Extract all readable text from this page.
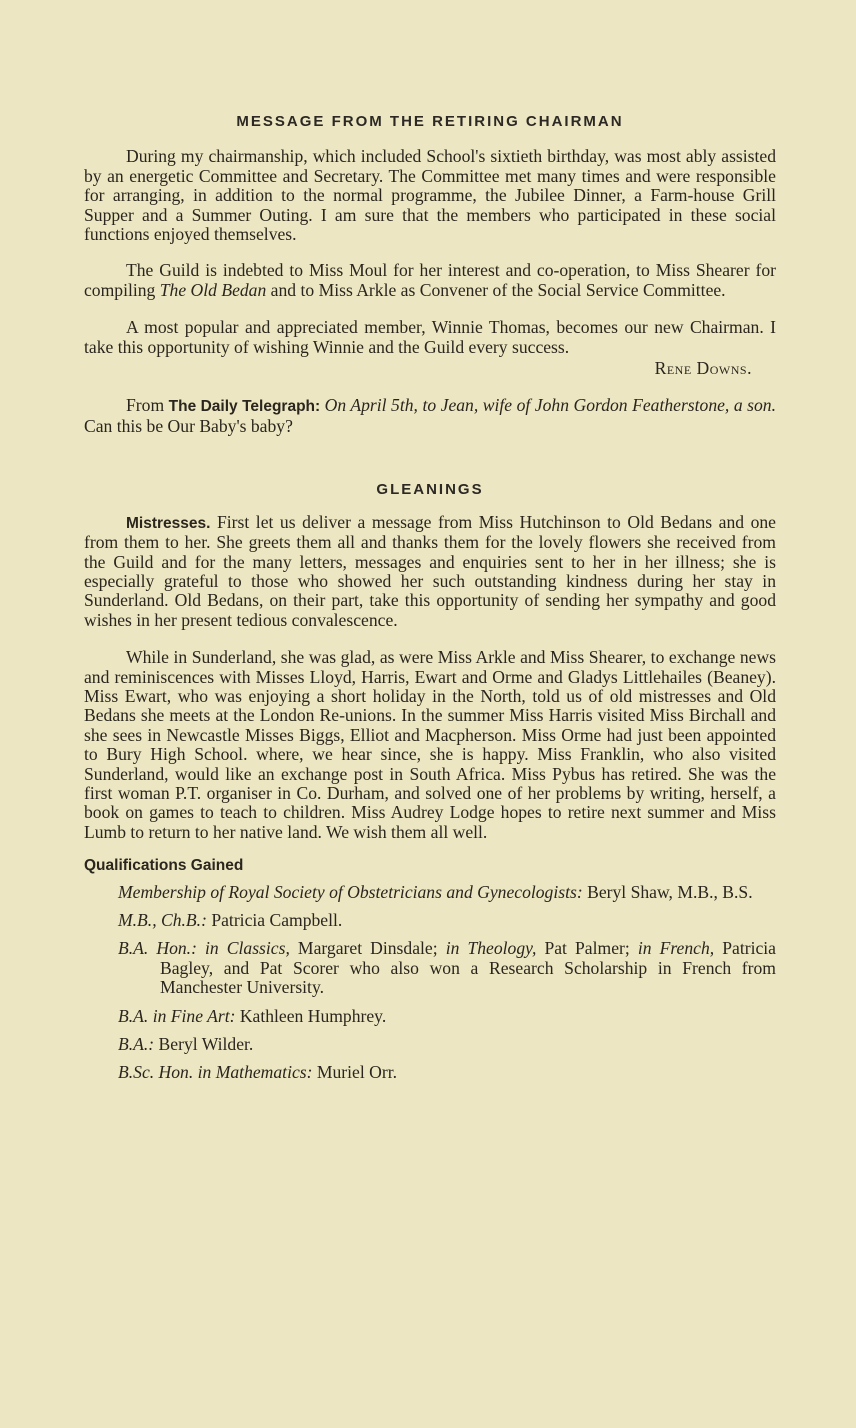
MESSAGE FROM THE RETIRING CHAIRMAN

During my chairmanship, which included School's sixtieth birthday, was most ably assisted by an energetic Committee and Secretary. The Committee met many times and were responsible for arranging, in addition to the normal programme, the Jubilee Dinner, a Farm-house Grill Supper and a Summer Outing. I am sure that the members who participated in these social functions enjoyed themselves.

The Guild is indebted to Miss Moul for her interest and co-operation, to Miss Shearer for compiling The Old Bedan and to Miss Arkle as Convener of the Social Service Committee.

A most popular and appreciated member, Winnie Thomas, becomes our new Chairman. I take this opportunity of wishing Winnie and the Guild every success.

Rene Downs.

From The Daily Telegraph: On April 5th, to Jean, wife of John Gordon Featherstone, a son. Can this be Our Baby's baby?

GLEANINGS

Mistresses. First let us deliver a message from Miss Hutchinson to Old Bedans and one from them to her. She greets them all and thanks them for the lovely flowers she received from the Guild and for the many letters, messages and enquiries sent to her in her illness; she is especially grateful to those who showed her such outstanding kindness during her stay in Sunderland. Old Bedans, on their part, take this opportunity of sending her sympathy and good wishes in her present tedious convalescence.

While in Sunderland, she was glad, as were Miss Arkle and Miss Shearer, to exchange news and reminiscences with Misses Lloyd, Harris, Ewart and Orme and Gladys Littlehailes (Beaney). Miss Ewart, who was enjoying a short holiday in the North, told us of old mistresses and Old Bedans she meets at the London Re-unions. In the summer Miss Harris visited Miss Birchall and she sees in Newcastle Misses Biggs, Elliot and Macpherson. Miss Orme had just been appointed to Bury High School. where, we hear since, she is happy. Miss Franklin, who also visited Sunderland, would like an exchange post in South Africa. Miss Pybus has retired. She was the first woman P.T. organiser in Co. Durham, and solved one of her problems by writing, herself, a book on games to teach to children. Miss Audrey Lodge hopes to retire next summer and Miss Lumb to return to her native land. We wish them all well.

Qualifications Gained
Membership of Royal Society of Obstetricians and Gynecologists: Beryl Shaw, M.B., B.S.
M.B., Ch.B.: Patricia Campbell.
B.A. Hon.: in Classics, Margaret Dinsdale; in Theology, Pat Palmer; in French, Patricia Bagley, and Pat Scorer who also won a Research Scholarship in French from Manchester University.
B.A. in Fine Art: Kathleen Humphrey.
B.A.: Beryl Wilder.
B.Sc. Hon. in Mathematics: Muriel Orr.
